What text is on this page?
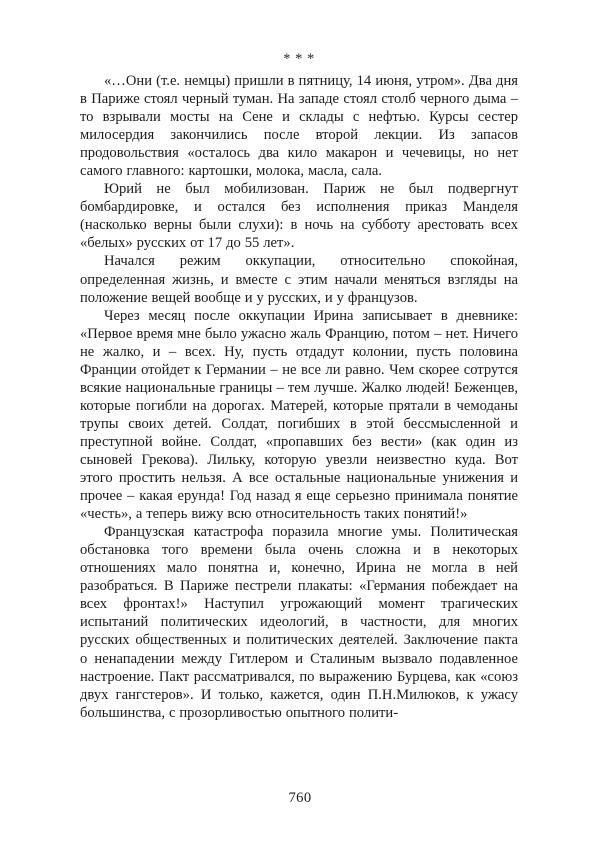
* * *

«…Они (т.е. немцы) пришли в пятницу, 14 июня, утром». Два дня в Париже стоял черный туман. На западе стоял столб черного дыма – то взрывали мосты на Сене и склады с нефтью. Курсы сестер милосердия закончились после второй лекции. Из запасов продовольствия «осталось два кило макарон и чечевицы, но нет самого главного: картошки, молока, масла, сала.

Юрий не был мобилизован. Париж не был подвергнут бомбардировке, и остался без исполнения приказ Манделя (насколько верны были слухи): в ночь на субботу арестовать всех «белых» русских от 17 до 55 лет».

Начался режим оккупации, относительно спокойная, определенная жизнь, и вместе с этим начали меняться взгляды на положение вещей вообще и у русских, и у французов.

Через месяц после оккупации Ирина записывает в дневнике: «Первое время мне было ужасно жаль Францию, потом – нет. Ничего не жалко, и – всех. Ну, пусть отдадут колонии, пусть половина Франции отойдет к Германии – не все ли равно. Чем скорее сотрутся всякие национальные границы – тем лучше. Жалко людей! Беженцев, которые погибли на дорогах. Матерей, которые прятали в чемоданы трупы своих детей. Солдат, погибших в этой бессмысленной и преступной войне. Солдат, «пропавших без вести» (как один из сыновей Грекова). Лильку, которую увезли неизвестно куда. Вот этого простить нельзя. А все остальные национальные унижения и прочее – какая ерунда! Год назад я еще серьезно принимала понятие «честь», а теперь вижу всю относительность таких понятий!»

Французская катастрофа поразила многие умы. Политическая обстановка того времени была очень сложна и в некоторых отношениях мало понятна и, конечно, Ирина не могла в ней разобраться. В Париже пестрели плакаты: «Германия побеждает на всех фронтах!» Наступил угрожающий момент трагических испытаний политических идеологий, в частности, для многих русских общественных и политических деятелей. Заключение пакта о ненападении между Гитлером и Сталиным вызвало подавленное настроение. Пакт рассматривался, по выражению Бурцева, как «союз двух гангстеров». И только, кажется, один П.Н.Милюков, к ужасу большинства, с прозорливостью опытного полити-

760
